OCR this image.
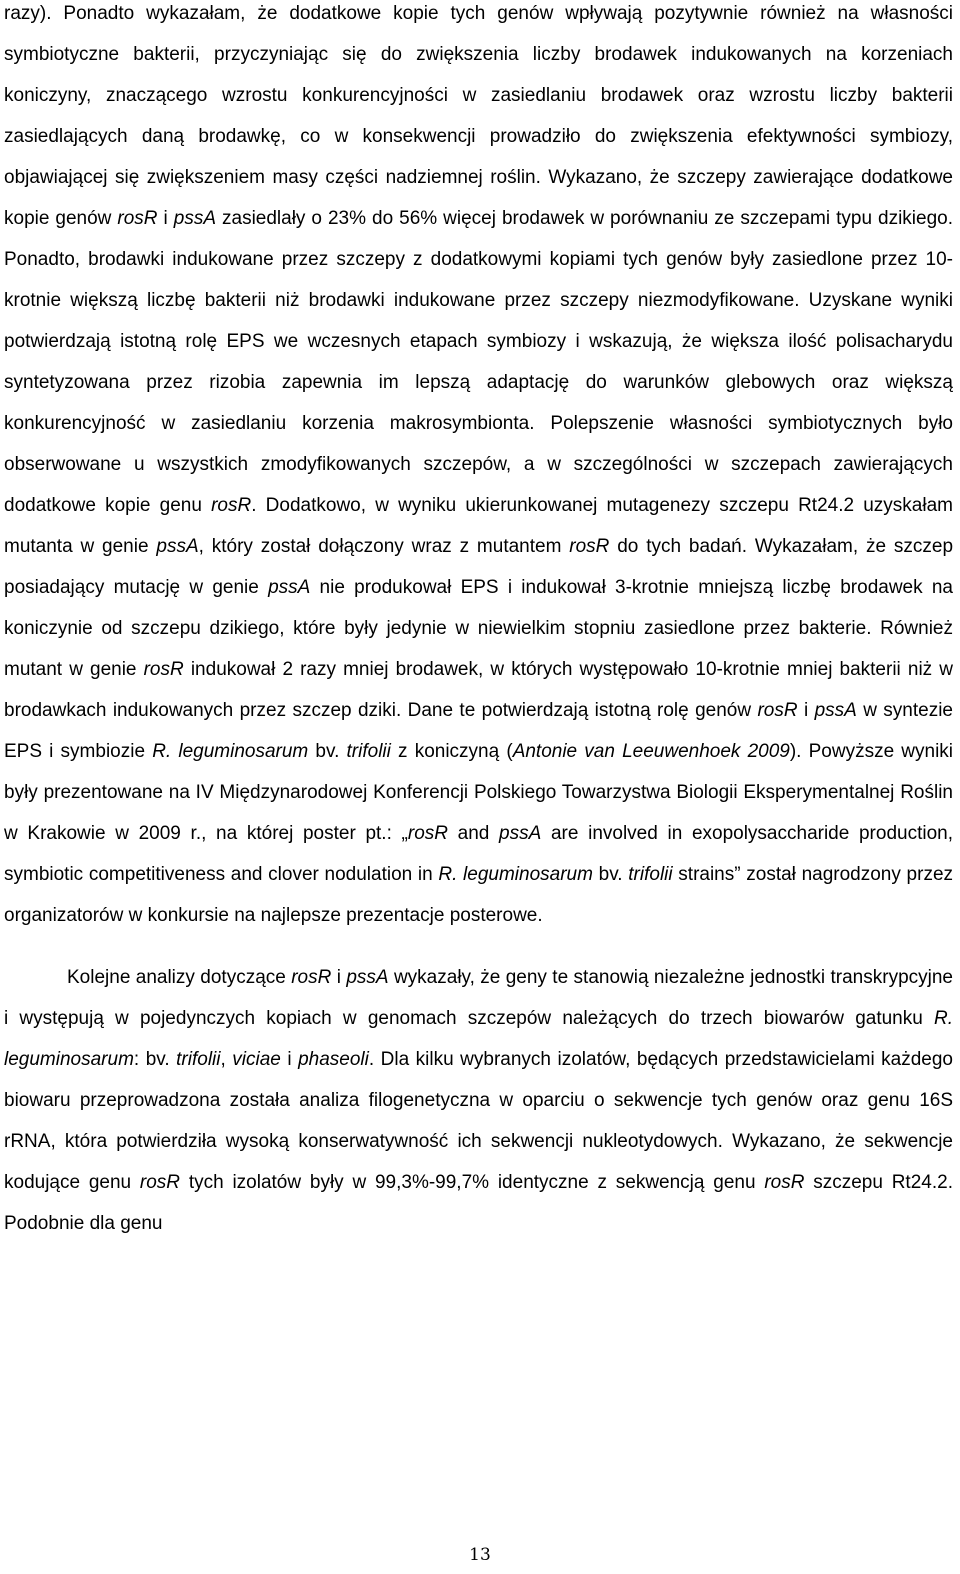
razy). Ponadto wykazałam, że dodatkowe kopie tych genów wpływają pozytywnie również na własności symbiotyczne bakterii, przyczyniając się do zwiększenia liczby brodawek indukowanych na korzeniach koniczyny, znaczącego wzrostu konkurencyjności w zasiedlaniu brodawek oraz wzrostu liczby bakterii zasiedlających daną brodawkę, co w konsekwencji prowadziło do zwiększenia efektywności symbiozy, objawiającej się zwiększeniem masy części nadziemnej roślin. Wykazano, że szczepy zawierające dodatkowe kopie genów rosR i pssA zasiedlały o 23% do 56% więcej brodawek w porównaniu ze szczepami typu dzikiego. Ponadto, brodawki indukowane przez szczepy z dodatkowymi kopiami tych genów były zasiedlone przez 10-krotnie większą liczbę bakterii niż brodawki indukowane przez szczepy niezmodyfikowane. Uzyskane wyniki potwierdzają istotną rolę EPS we wczesnych etapach symbiozy i wskazują, że większa ilość polisacharydu syntetyzowana przez rizobia zapewnia im lepszą adaptację do warunków glebowych oraz większą konkurencyjność w zasiedlaniu korzenia makrosymbionta. Polepszenie własności symbiotycznych było obserwowane u wszystkich zmodyfikowanych szczepów, a w szczególności w szczepach zawierających dodatkowe kopie genu rosR. Dodatkowo, w wyniku ukierunkowanej mutagenezy szczepu Rt24.2 uzyskałam mutanta w genie pssA, który został dołączony wraz z mutantem rosR do tych badań. Wykazałam, że szczep posiadający mutację w genie pssA nie produkował EPS i indukował 3-krotnie mniejszą liczbę brodawek na koniczynie od szczepu dzikiego, które były jedynie w niewielkim stopniu zasiedlone przez bakterie. Również mutant w genie rosR indukował 2 razy mniej brodawek, w których występowało 10-krotnie mniej bakterii niż w brodawkach indukowanych przez szczep dziki. Dane te potwierdzają istotną rolę genów rosR i pssA w syntezie EPS i symbiozie R. leguminosarum bv. trifolii z koniczyną (Antonie van Leeuwenhoek 2009). Powyższe wyniki były prezentowane na IV Międzynarodowej Konferencji Polskiego Towarzystwa Biologii Eksperymentalnej Roślin w Krakowie w 2009 r., na której poster pt.: „rosR and pssA are involved in exopolysaccharide production, symbiotic competitiveness and clover nodulation in R. leguminosarum bv. trifolii strains” został nagrodzony przez organizatorów w konkursie na najlepsze prezentacje posterowe.

Kolejne analizy dotyczące rosR i pssA wykazały, że geny te stanowią niezależne jednostki transkrypcyjne i występują w pojedynczych kopiach w genomach szczepów należących do trzech biowarów gatunku R. leguminosarum: bv. trifolii, viciae i phaseoli. Dla kilku wybranych izolatów, będących przedstawicielami każdego biowaru przeprowadzona została analiza filogenetyczna w oparciu o sekwencje tych genów oraz genu 16S rRNA, która potwierdziła wysoką konserwatywność ich sekwencji nukleotydowych. Wykazano, że sekwencje kodujące genu rosR tych izolatów były w 99,3%-99,7% identyczne z sekwencją genu rosR szczepu Rt24.2. Podobnie dla genu

13
